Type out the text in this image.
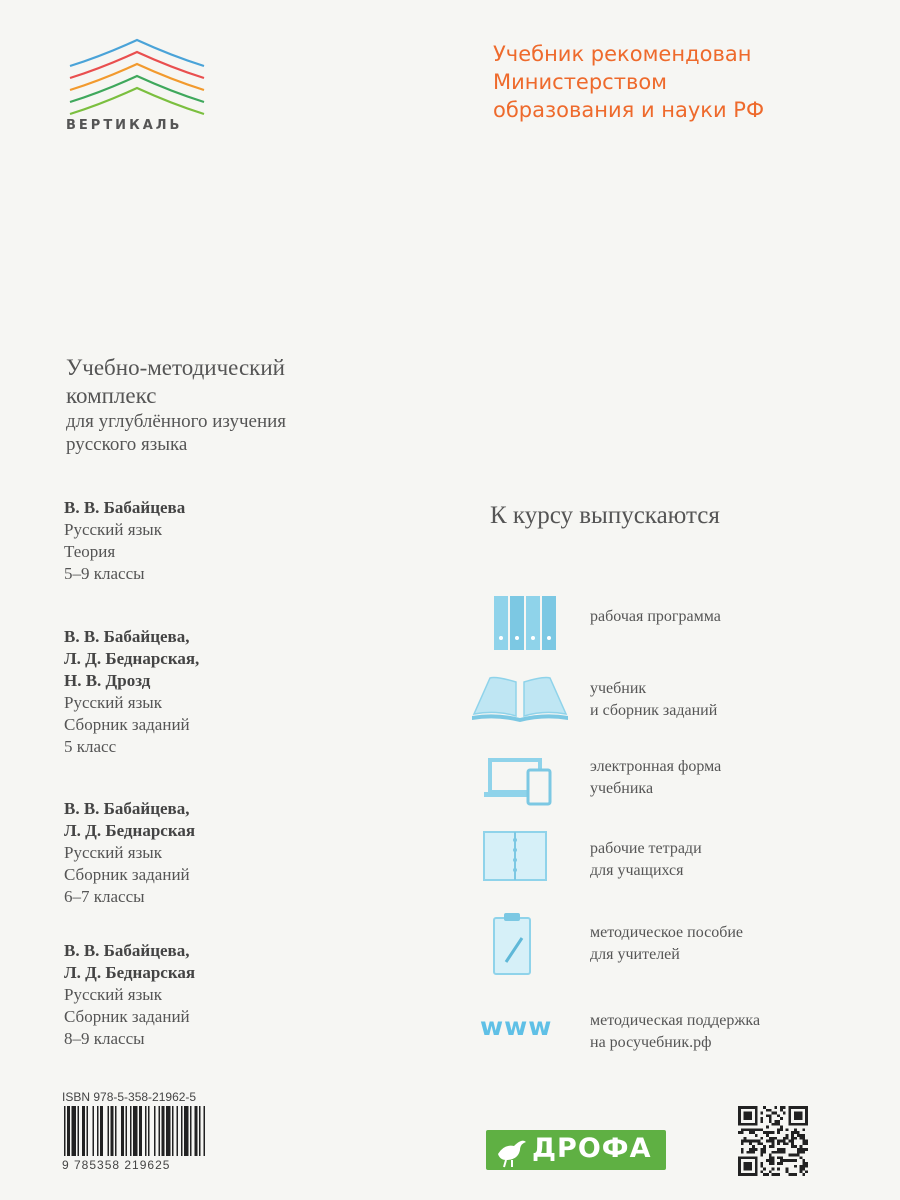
ВЕРТИКАЛЬ
Учебник рекомендован
Министерством
образования и науки РФ
Учебно-методический
комплекс
для углублённого изучения
русского языка
В. В. Бабайцева
Русский язык
Теория
5–9 классы
В. В. Бабайцева,
Л. Д. Беднарская,
Н. В. Дрозд
Русский язык
Сборник заданий
5 класс
В. В. Бабайцева,
Л. Д. Беднарская
Русский язык
Сборник заданий
6–7 классы
В. В. Бабайцева,
Л. Д. Беднарская
Русский язык
Сборник заданий
8–9 классы
К курсу выпускаются
рабочая программа
учебник
и сборник заданий
электронная форма
учебника
рабочие тетради
для учащихся
методическое пособие
для учителей
www	методическая поддержка
на росучебник.рф
ISBN 978-5-358-21962-5
9 785358 219625
ДРОФА
